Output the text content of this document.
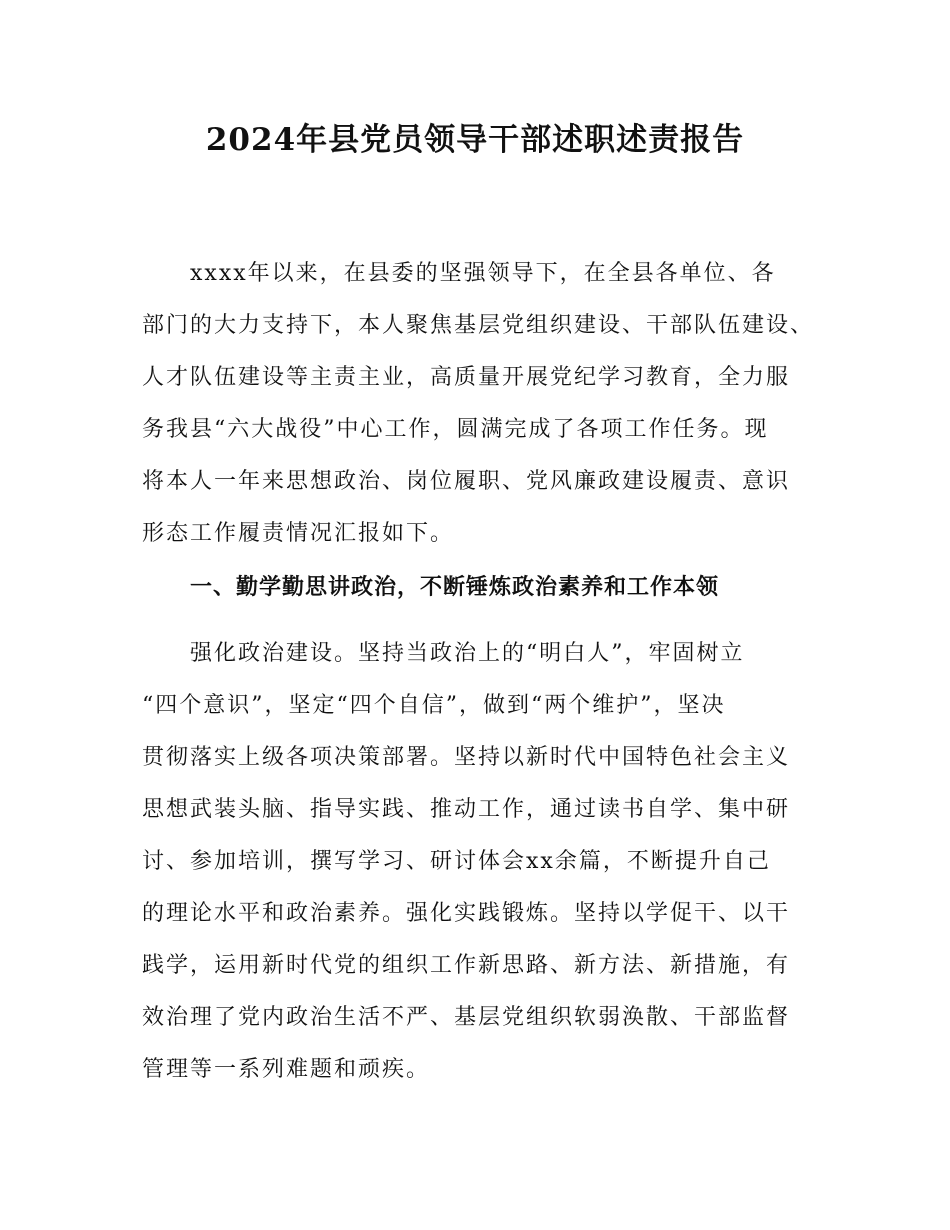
2024年县党员领导干部述职述责报告
xxxx年以来，在县委的坚强领导下，在全县各单位、各
部门的大力支持下，本人聚焦基层党组织建设、干部队伍建设、
人才队伍建设等主责主业，高质量开展党纪学习教育，全力服
务我县“六大战役”中心工作，圆满完成了各项工作任务。现
将本人一年来思想政治、岗位履职、党风廉政建设履责、意识
形态工作履责情况汇报如下。
一、勤学勤思讲政治，不断锤炼政治素养和工作本领
强化政治建设。坚持当政治上的“明白人”，牢固树立
“四个意识”，坚定“四个自信”，做到“两个维护”，坚决
贯彻落实上级各项决策部署。坚持以新时代中国特色社会主义
思想武装头脑、指导实践、推动工作，通过读书自学、集中研
讨、参加培训，撰写学习、研讨体会xx余篇，不断提升自己
的理论水平和政治素养。强化实践锻炼。坚持以学促干、以干
践学，运用新时代党的组织工作新思路、新方法、新措施，有
效治理了党内政治生活不严、基层党组织软弱涣散、干部监督
管理等一系列难题和顽疾。
